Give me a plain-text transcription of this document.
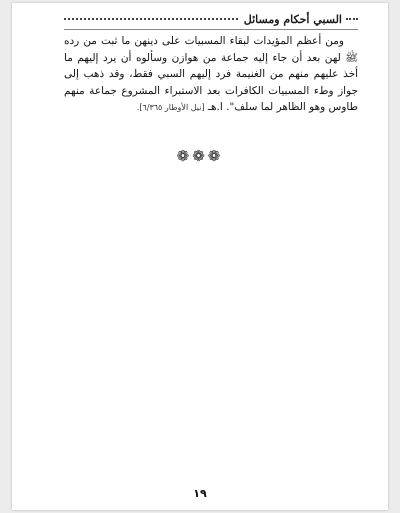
السبي أحكام ومسائل

ومن أعظم المؤيدات لبقاء المسبيات على دينهن ما ثبت من رده ﷺ لهن بعد أن جاء إليه جماعة من هوازن وسألوه أن يرد إليهم ما أخذ عليهم منهم من الغنيمة فرد إليهم السبي فقط، وقد ذهب إلى جواز وطء المسبيات الكافرات بعد الاستبراء المشروع جماعة منهم طاوس وهو الظاهر لما سلف". ا.هـ [نيل الأوطار ٦/٣٦٥].

❁❁❁
١٩
